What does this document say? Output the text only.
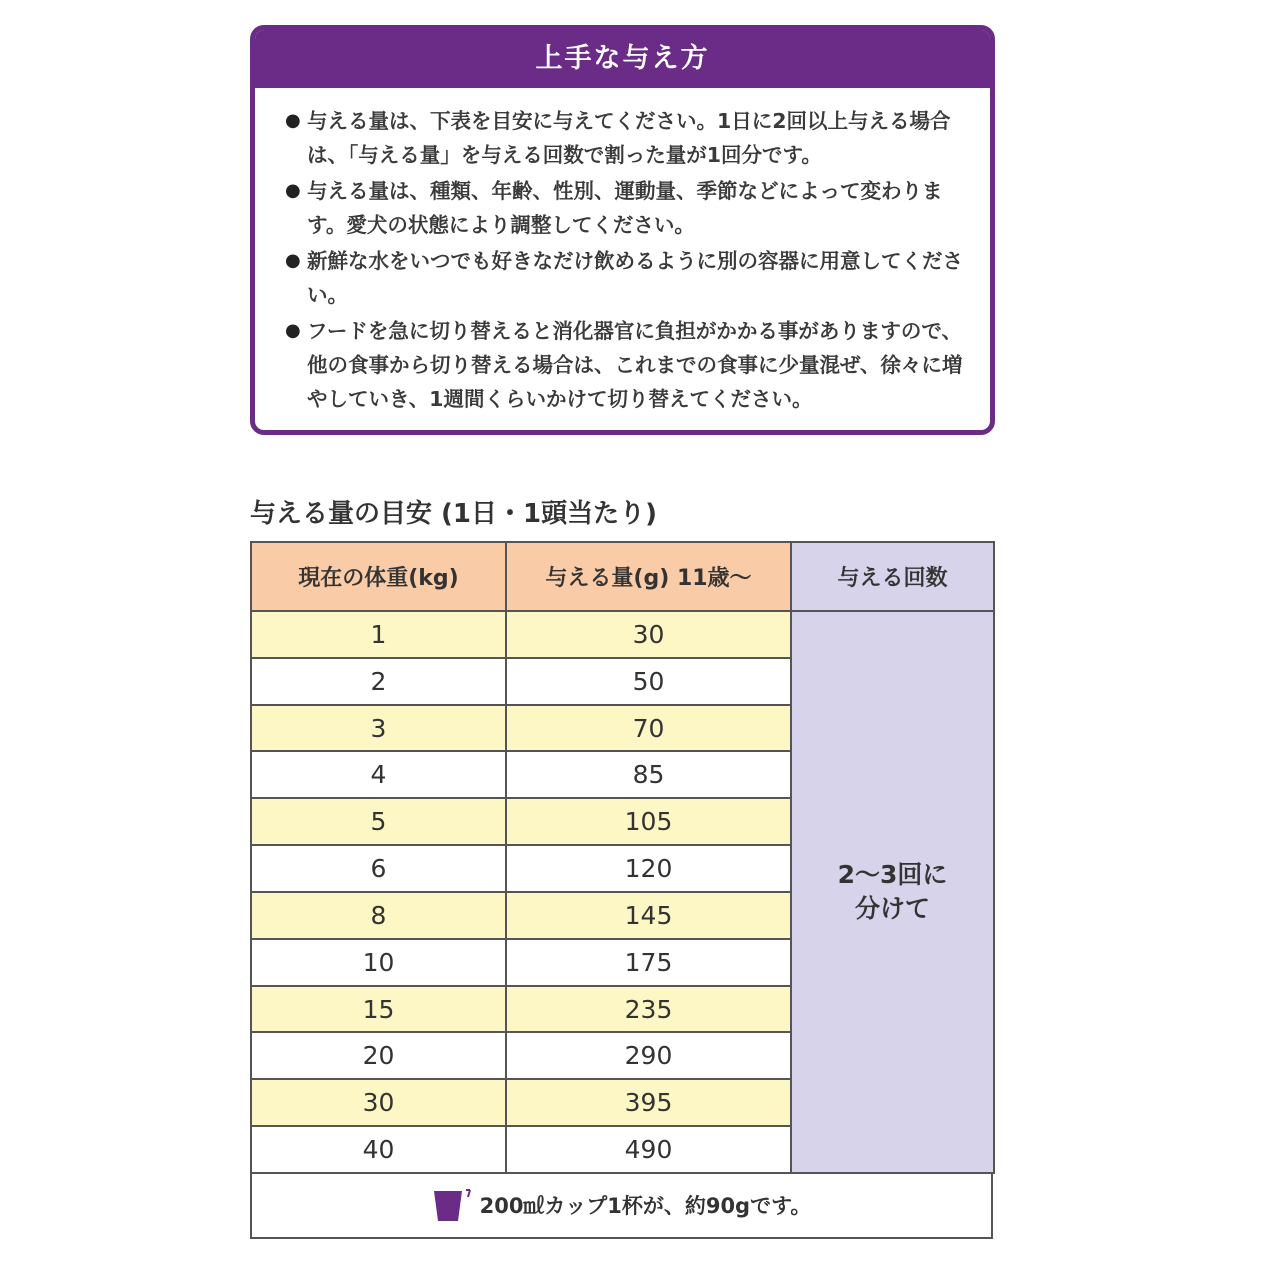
上手な与え方
● 与える量は、下表を目安に与えてください。1日に2回以上与える場合は、「与える量」を与える回数で割った量が1回分です。
● 与える量は、種類、年齢、性別、運動量、季節などによって変わります。愛犬の状態により調整してください。
● 新鮮な水をいつでも好きなだけ飲めるように別の容器に用意してください。
● フードを急に切り替えると消化器官に負担がかかる事がありますので、他の食事から切り替える場合は、これまでの食事に少量混ぜ、徐々に増やしていき、1週間くらいかけて切り替えてください。
与える量の目安 (1日・1頭当たり)
現在の体重(kg)	与える量(g) 11歳～	与える回数
1	30	2～3回に
分けて

2	50	
3	70	
4	85	
5	105	
6	120	
8	145	
10	175	
15	235	
20	290	
30	395	
40	490	
200㎖カップ1杯が、約90gです。
